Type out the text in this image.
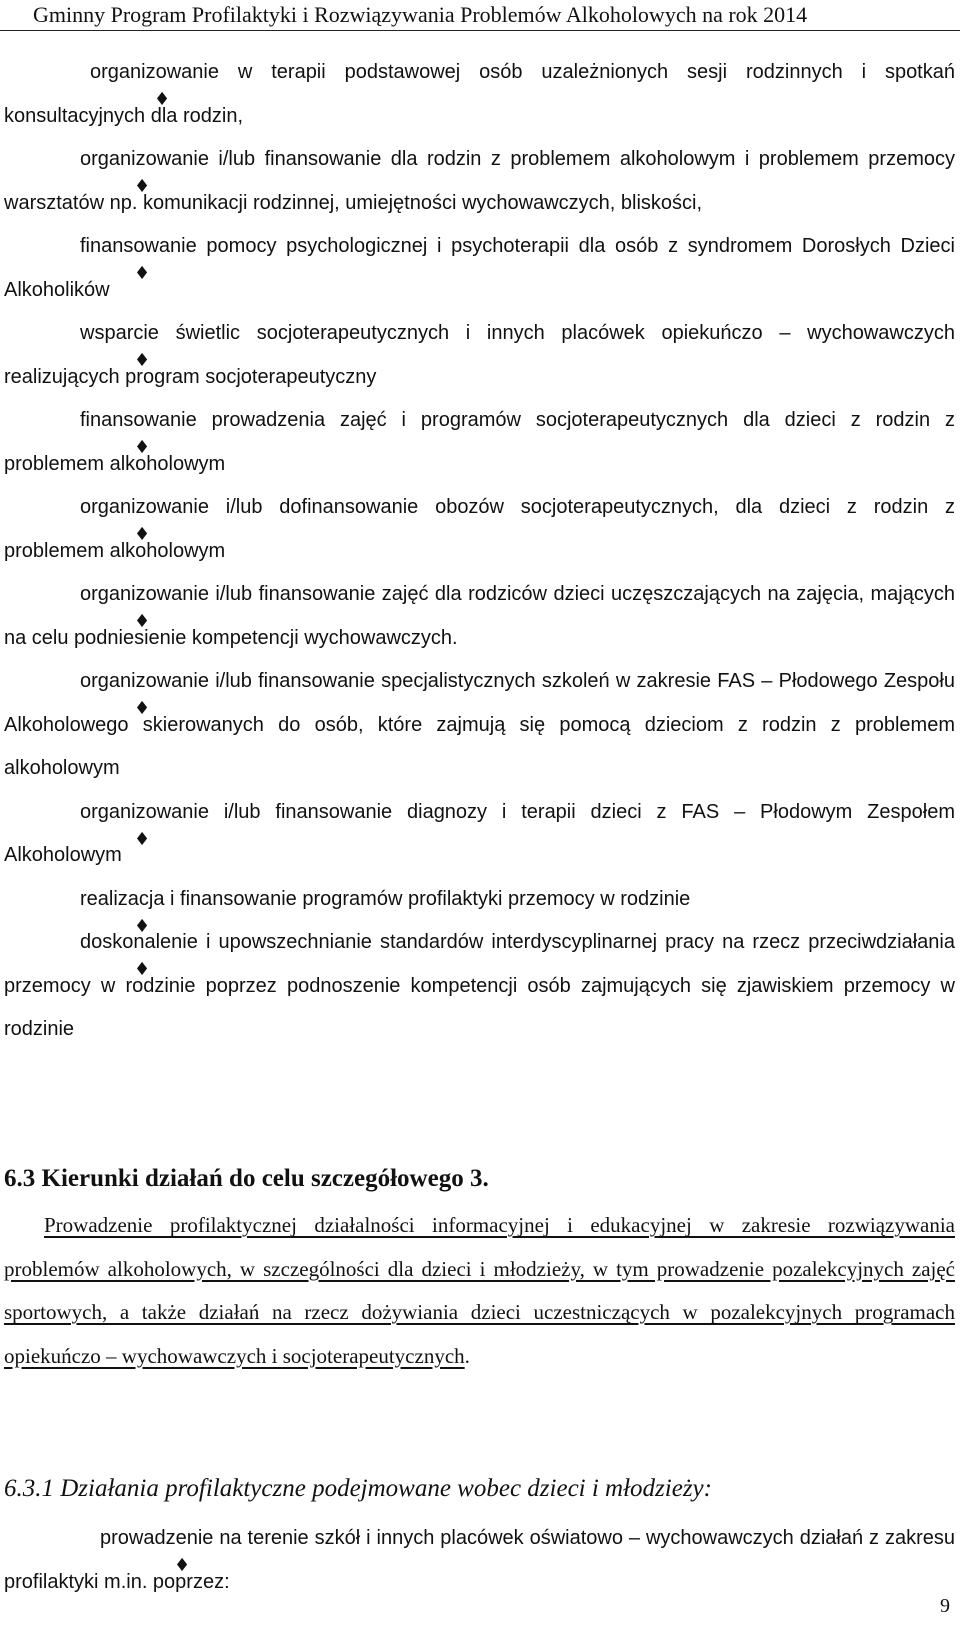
Gminny Program Profilaktyki i Rozwiązywania Problemów Alkoholowych na rok 2014

♦
organizowanie w terapii podstawowej osób uzależnionych sesji rodzinnych i spotkań konsultacyjnych dla rodzin,

♦
organizowanie i/lub finansowanie dla rodzin z problemem alkoholowym i problemem przemocy warsztatów np. komunikacji rodzinnej, umiejętności wychowawczych, bliskości,

♦
finansowanie pomocy psychologicznej i psychoterapii dla osób z syndromem Dorosłych Dzieci Alkoholików

♦
wsparcie świetlic socjoterapeutycznych i innych placówek opiekuńczo – wychowawczych realizujących program socjoterapeutyczny

♦
finansowanie prowadzenia zajęć i programów socjoterapeutycznych dla dzieci z rodzin z problemem alkoholowym

♦
organizowanie i/lub dofinansowanie obozów socjoterapeutycznych, dla dzieci z rodzin z problemem alkoholowym

♦
organizowanie i/lub finansowanie zajęć dla rodziców dzieci uczęszczających na zajęcia, mających na celu podniesienie kompetencji wychowawczych.

♦
organizowanie i/lub finansowanie specjalistycznych szkoleń w zakresie FAS – Płodowego Zespołu Alkoholowego skierowanych do osób, które zajmują się pomocą dzieciom z rodzin z problemem alkoholowym

♦
organizowanie i/lub finansowanie diagnozy i terapii dzieci z FAS – Płodowym Zespołem Alkoholowym

♦
realizacja i finansowanie programów profilaktyki przemocy w rodzinie

♦
doskonalenie i upowszechnianie standardów interdyscyplinarnej pracy na rzecz przeciwdziałania przemocy w rodzinie poprzez podnoszenie kompetencji osób zajmujących się zjawiskiem przemocy w rodzinie

6.3 Kierunki działań do celu szczegółowego 3.

Prowadzenie profilaktycznej działalności informacyjnej i edukacyjnej w zakresie rozwiązywania problemów alkoholowych, w szczególności dla dzieci i młodzieży, w tym prowadzenie pozalekcyjnych zajęć sportowych, a także działań na rzecz dożywiania dzieci uczestniczących w pozalekcyjnych programach opiekuńczo – wychowawczych i socjoterapeutycznych.

6.3.1 Działania profilaktyczne podejmowane wobec dzieci i młodzieży:

♦
prowadzenie na terenie szkół i innych placówek oświatowo – wychowawczych działań z zakresu profilaktyki m.in. poprzez:

9
